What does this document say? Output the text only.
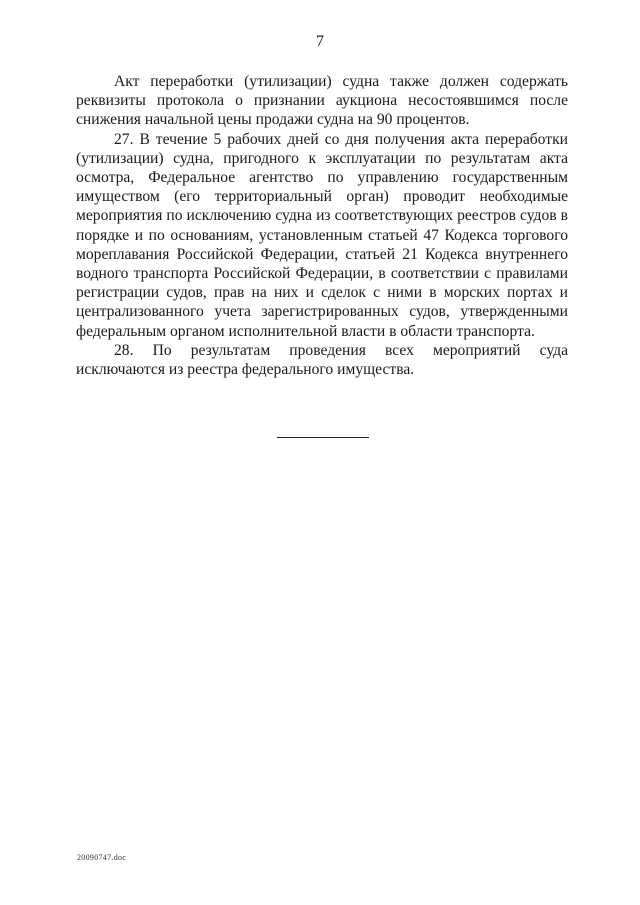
7

Акт переработки (утилизации) судна также должен содержать реквизиты протокола о признании аукциона несостоявшимся после снижения начальной цены продажи судна на 90 процентов.

27. В течение 5 рабочих дней со дня получения акта переработки (утилизации) судна, пригодного к эксплуатации по результатам акта осмотра, Федеральное агентство по управлению государственным имуществом (его территориальный орган) проводит необходимые мероприятия по исключению судна из соответствующих реестров судов в порядке и по основаниям, установленным статьей 47 Кодекса торгового мореплавания Российской Федерации, статьей 21 Кодекса внутреннего водного транспорта Российской Федерации, в соответствии с правилами регистрации судов, прав на них и сделок с ними в морских портах и централизованного учета зарегистрированных судов, утвержденными федеральным органом исполнительной власти в области транспорта.

28. По результатам проведения всех мероприятий суда исключаются из реестра федерального имущества.

20090747.doc
